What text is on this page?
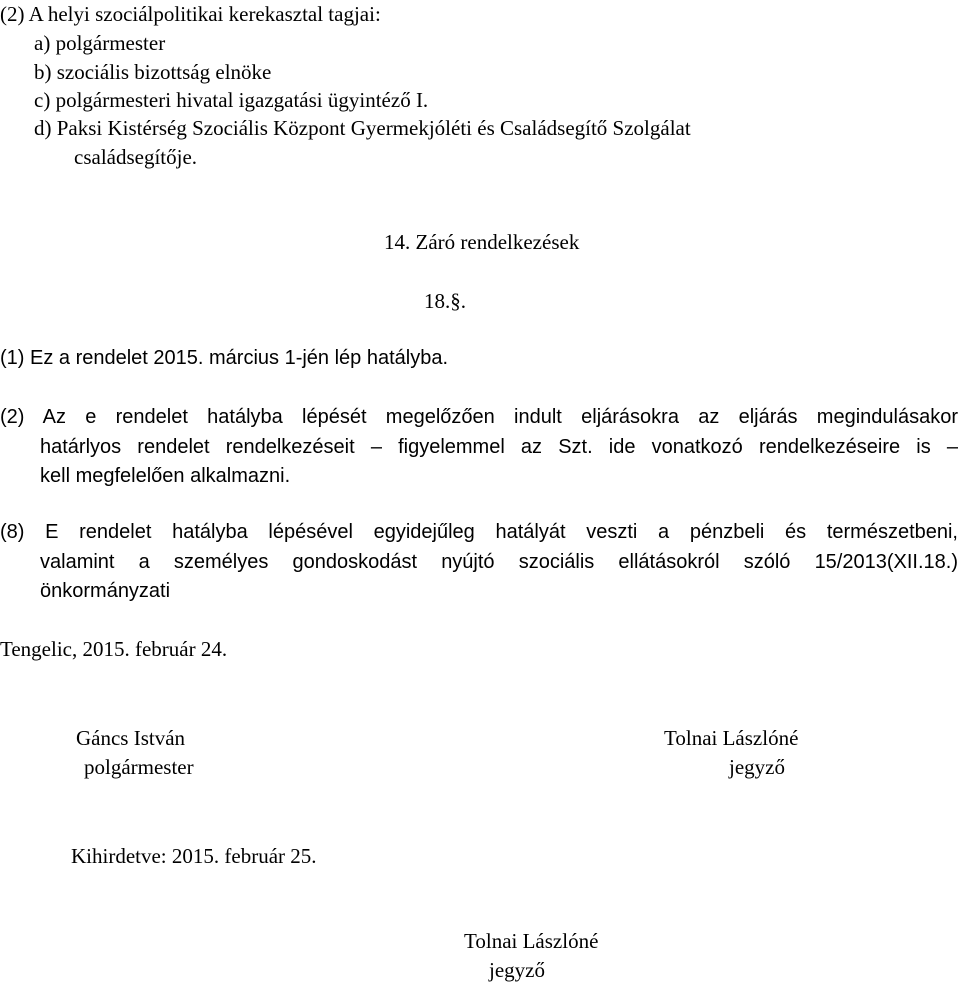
(2) A helyi szociálpolitikai kerekasztal tagjai:
a) polgármester
b) szociális bizottság elnöke
c) polgármesteri hivatal igazgatási ügyintéző I.
d) Paksi Kistérség Szociális Központ Gyermekjóléti és Családsegítő Szolgálat
családsegítője.
14. Záró rendelkezések
18.§.
(1) Ez a rendelet 2015. március 1-jén lép hatályba.
(2) Az e rendelet hatályba lépését megelőzően indult eljárásokra az eljárás megindulásakor
határlyos rendelet rendelkezéseit – figyelemmel az Szt. ide vonatkozó rendelkezéseire is –
kell megfelelően alkalmazni.
(8) E rendelet hatályba lépésével egyidejűleg hatályát veszti a pénzbeli és természetbeni,
valamint a személyes gondoskodást nyújtó szociális ellátásokról szóló 15/2013(XII.18.)
önkormányzati
Tengelic, 2015. február 24.
Gáncs István
polgármester
Tolnai Lászlóné
jegyző
Kihirdetve: 2015. február 25.
Tolnai Lászlóné
jegyző
